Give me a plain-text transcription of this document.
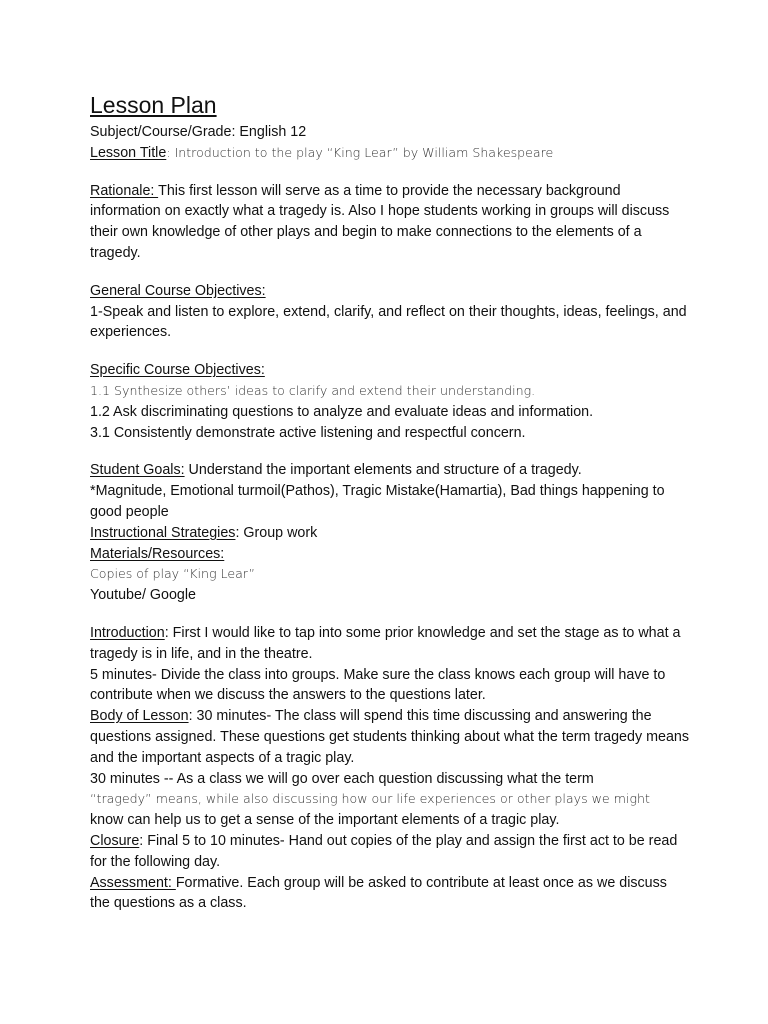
Lesson Plan

Subject/Course/Grade: English 12

Lesson Title: Introduction to the play “King Lear” by William Shakespeare

Rationale: This first lesson will serve as a time to provide the necessary background information on exactly what a tragedy is. Also I hope students working in groups will discuss their own knowledge of other plays and begin to make connections to the elements of a tragedy.

General Course Objectives:

1-Speak and listen to explore, extend, clarify, and reflect on their thoughts, ideas, feelings, and experiences.

Specific Course Objectives:

1.1 Synthesize others’ ideas to clarify and extend their understanding.

1.2 Ask discriminating questions to analyze and evaluate ideas and information.

3.1 Consistently demonstrate active listening and respectful concern.

Student Goals: Understand the important elements and structure of a tragedy.

*Magnitude, Emotional turmoil(Pathos), Tragic Mistake(Hamartia), Bad things happening to good people

Instructional Strategies: Group work

Materials/Resources:

Copies of play “King Lear”

Youtube/ Google

Introduction: First I would like to tap into some prior knowledge and set the stage as to what a tragedy is in life, and in the theatre.

5 minutes- Divide the class into groups. Make sure the class knows each group will have to contribute when we discuss the answers to the questions later.

Body of Lesson: 30 minutes- The class will spend this time discussing and answering the questions assigned. These questions get students thinking about what the term tragedy means and the important aspects of a tragic play.

30 minutes -- As a class we will go over each question discussing what the term

“tragedy” means, while also discussing how our life experiences or other plays we might

know can help us to get a sense of the important elements of a tragic play.

Closure: Final 5 to 10 minutes- Hand out copies of the play and assign the first act to be read for the following day.

Assessment: Formative. Each group will be asked to contribute at least once as we discuss the questions as a class.
